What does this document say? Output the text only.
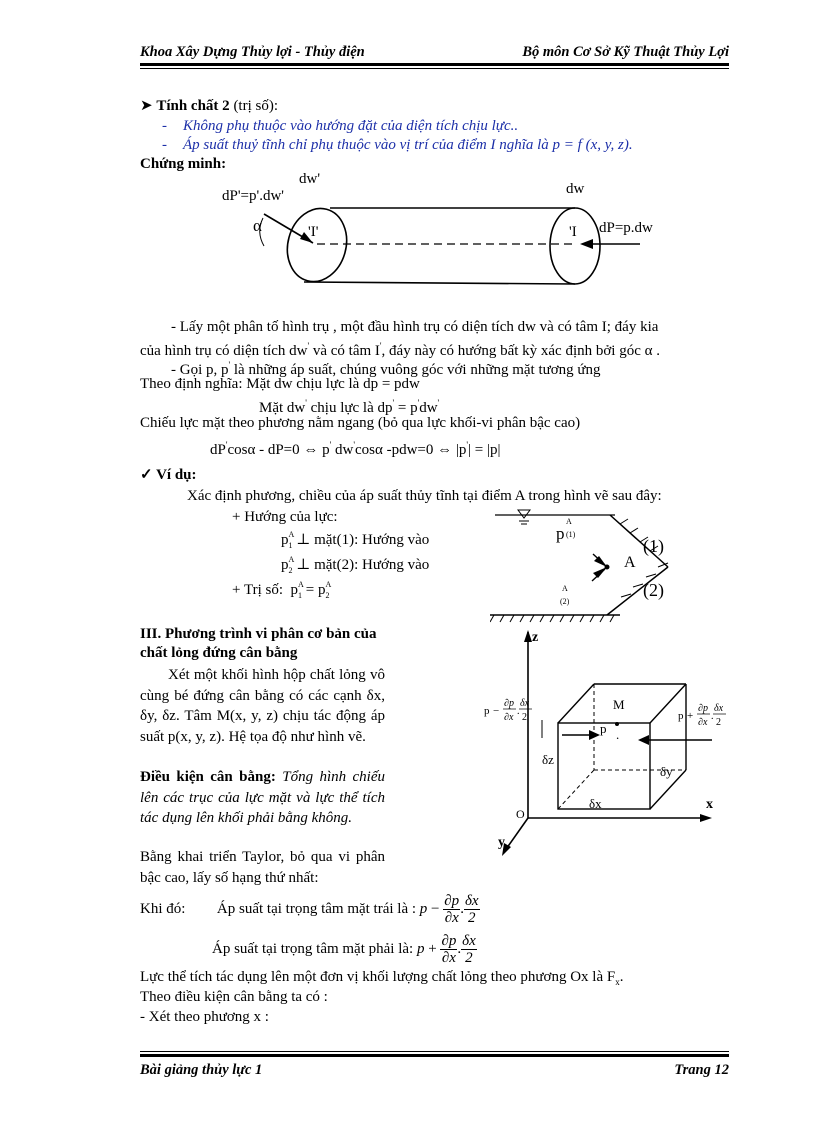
Khoa Xây Dựng Thủy lợi - Thủy điện	Bộ môn Cơ Sở Kỹ Thuật Thủy Lợi
➤ Tính chất 2 (trị số):
- Không phụ thuộc vào hướng đặt của diện tích chịu lực..
- Áp suất thuỷ tĩnh chỉ phụ thuộc vào vị trí của điểm I nghĩa là p = f (x, y, z).
Chứng minh:
dw'
dP'=p'.dw'	dw
dP=p.dw
α	'I'	'I
- Lấy một phân tố hình trụ , một đầu hình trụ có diện tích dw và có tâm I; đáy kia
của hình trụ có diện tích dw' và có tâm I', đáy này có hướng bất kỳ xác định bởi góc α .
- Gọi p, p' là những áp suất, chúng vuông góc với những mặt tương ứng
Theo định nghĩa: Mặt dw chịu lực là dp = pdw
Mặt dw' chịu lực là dp' = p'dw'
Chiếu lực mặt theo phương nằm ngang (bỏ qua lực khối-vi phân bậc cao)
dP'cosα - dP=0 ⇔ p' dw'cosα -pdw=0 ⇔ |p'| = |p|
✓ Ví dụ:
Xác định phương, chiều của áp suất thủy tĩnh tại điểm A trong hình vẽ sau đây:
+ Hướng của lực:
p A
1 ⊥ mặt(1): Hướng vào
p A
2 ⊥ mặt(2): Hướng vào
+ Trị số: p A
1 = p A
2
p
A
(1)
A
(1)
(2)
A
(2)
III. Phương trình vi phân cơ bản của chất lỏng đứng cân bằng
Xét một khối hình hộp chất lỏng vô cùng bé đứng cân bằng có các cạnh δx, δy, δz. Tâm M(x, y, z) chịu tác động áp suất p(x, y, z). Hệ tọa độ như hình vẽ.
Điều kiện cân bằng: Tổng hình chiếu lên các trục của lực mặt và lực thể tích tác dụng lên khối phải bằng không.
Bằng khai triển Taylor, bỏ qua vi phân bậc cao, lấy số hạng thứ nhất:
z
x
y
O
M
p .
δz
δy
δx
p −
∂p
∂x
.
δx
2	p +
∂p
∂x
.
δx
2
Khi đó: Áp suất tại trọng tâm mặt trái là : $p - \frac{\partial p}{\partial x}$ . $\frac{\delta x}{2}$
Áp suất tại trọng tâm mặt phải là: $p + \frac{\partial p}{\partial x}$ . $\frac{\delta x}{2}$
Lực thể tích tác dụng lên một đơn vị khối lượng chất lỏng theo phương Ox là $F_x$.
Theo điều kiện cân bằng ta có :
- Xét theo phương x :
Bài giảng thủy lực 1	Trang 12
